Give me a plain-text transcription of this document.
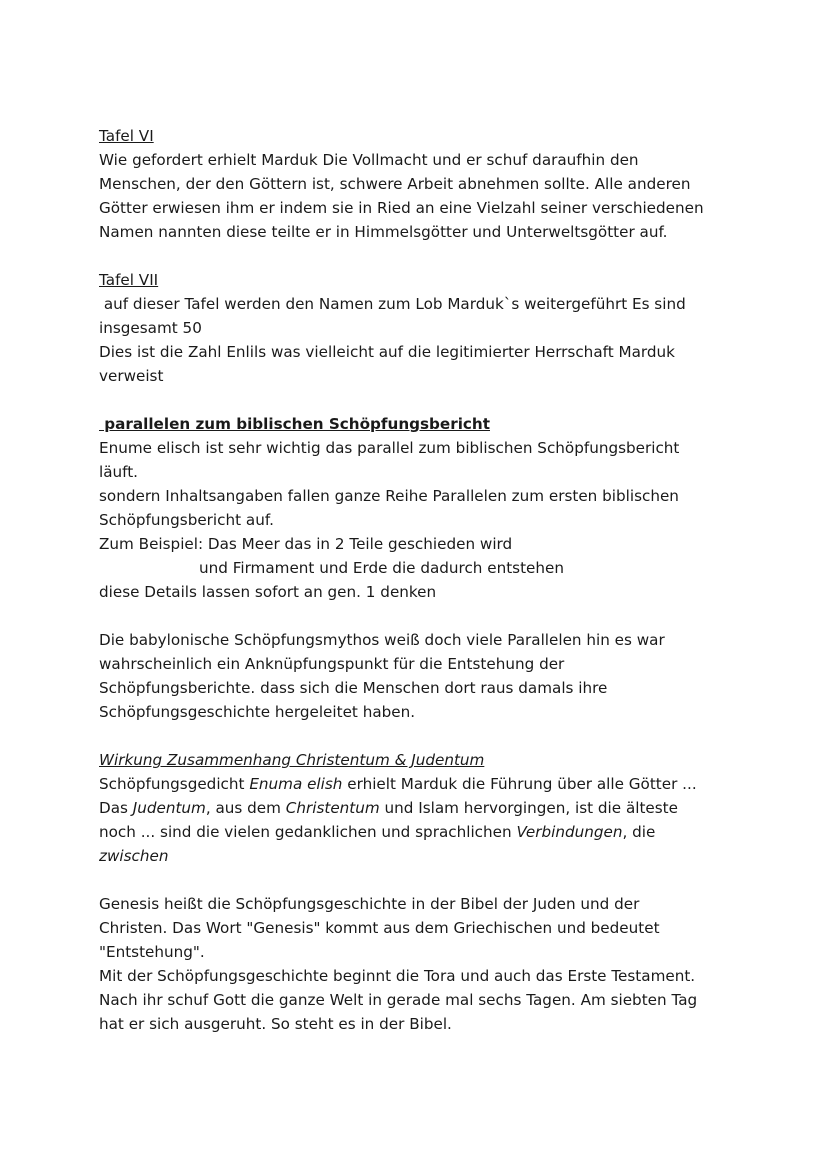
Tafel VI
Wie gefordert erhielt Marduk Die Vollmacht und er schuf daraufhin den
Menschen, der den Göttern ist, schwere Arbeit abnehmen sollte. Alle anderen
Götter erwiesen ihm er indem sie in Ried an eine Vielzahl seiner verschiedenen
Namen nannten diese teilte er in Himmelsgötter und Unterweltsgötter auf.
Tafel VII
auf dieser Tafel werden den Namen zum Lob Marduk`s weitergeführt Es sind
insgesamt 50
Dies ist die Zahl Enlils was vielleicht auf die legitimierter Herrschaft Marduk
verweist
parallelen zum biblischen Schöpfungsbericht
Enume elisch ist sehr wichtig das parallel zum biblischen Schöpfungsbericht
läuft.
sondern Inhaltsangaben fallen ganze Reihe Parallelen zum ersten biblischen
Schöpfungsbericht auf.
Zum Beispiel: Das Meer das in 2 Teile geschieden wird
und Firmament und Erde die dadurch entstehen
diese Details lassen sofort an gen. 1 denken
Die babylonische Schöpfungsmythos weiß doch viele Parallelen hin es war
wahrscheinlich ein Anknüpfungspunkt für die Entstehung der
Schöpfungsberichte. dass sich die Menschen dort raus damals ihre
Schöpfungsgeschichte hergeleitet haben.
Wirkung Zusammenhang Christentum & Judentum
Schöpfungsgedicht Enuma elish erhielt Marduk die Führung über alle Götter ...
Das Judentum, aus dem Christentum und Islam hervorgingen, ist die älteste
noch ... sind die vielen gedanklichen und sprachlichen Verbindungen, die
zwischen
Genesis heißt die Schöpfungsgeschichte in der Bibel der Juden und der
Christen. Das Wort "Genesis" kommt aus dem Griechischen und bedeutet
"Entstehung".
Mit der Schöpfungsgeschichte beginnt die Tora und auch das Erste Testament.
Nach ihr schuf Gott die ganze Welt in gerade mal sechs Tagen. Am siebten Tag
hat er sich ausgeruht. So steht es in der Bibel.
